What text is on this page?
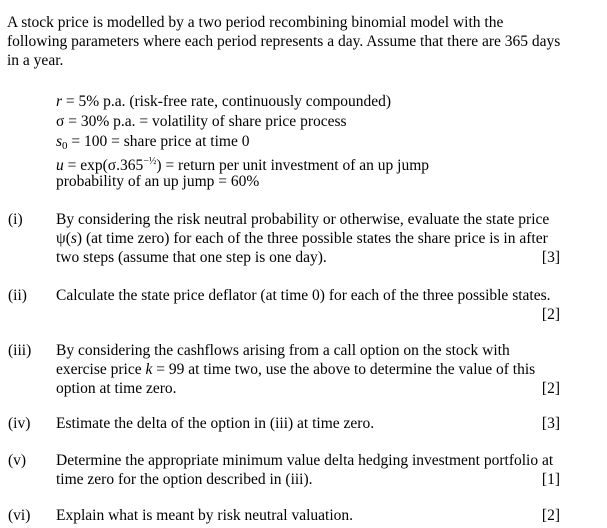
A stock price is modelled by a two period recombining binomial model with the following parameters where each period represents a day. Assume that there are 365 days in a year.
r = 5% p.a. (risk-free rate, continuously compounded)
σ = 30% p.a. = volatility of share price process
$s_0 = 100$ = share price at time 0
$u = \exp(\sigma.365^{-\frac{1}{2}})$ = return per unit investment of an up jump
probability of an up jump = 60%
(i) By considering the risk neutral probability or otherwise, evaluate the state price ψ(s) (at time zero) for each of the three possible states the share price is in after two steps (assume that one step is one day).	[3]
(ii) Calculate the state price deflator (at time 0) for each of the three possible states.
[2]
(iii) By considering the cashflows arising from a call option on the stock with exercise price k = 99 at time two, use the above to determine the value of this option at time zero.	[2]
(iv) Estimate the delta of the option in (iii) at time zero.	[3]
(v) Determine the appropriate minimum value delta hedging investment portfolio at time zero for the option described in (iii).	[1]
(vi) Explain what is meant by risk neutral valuation.	[2]
